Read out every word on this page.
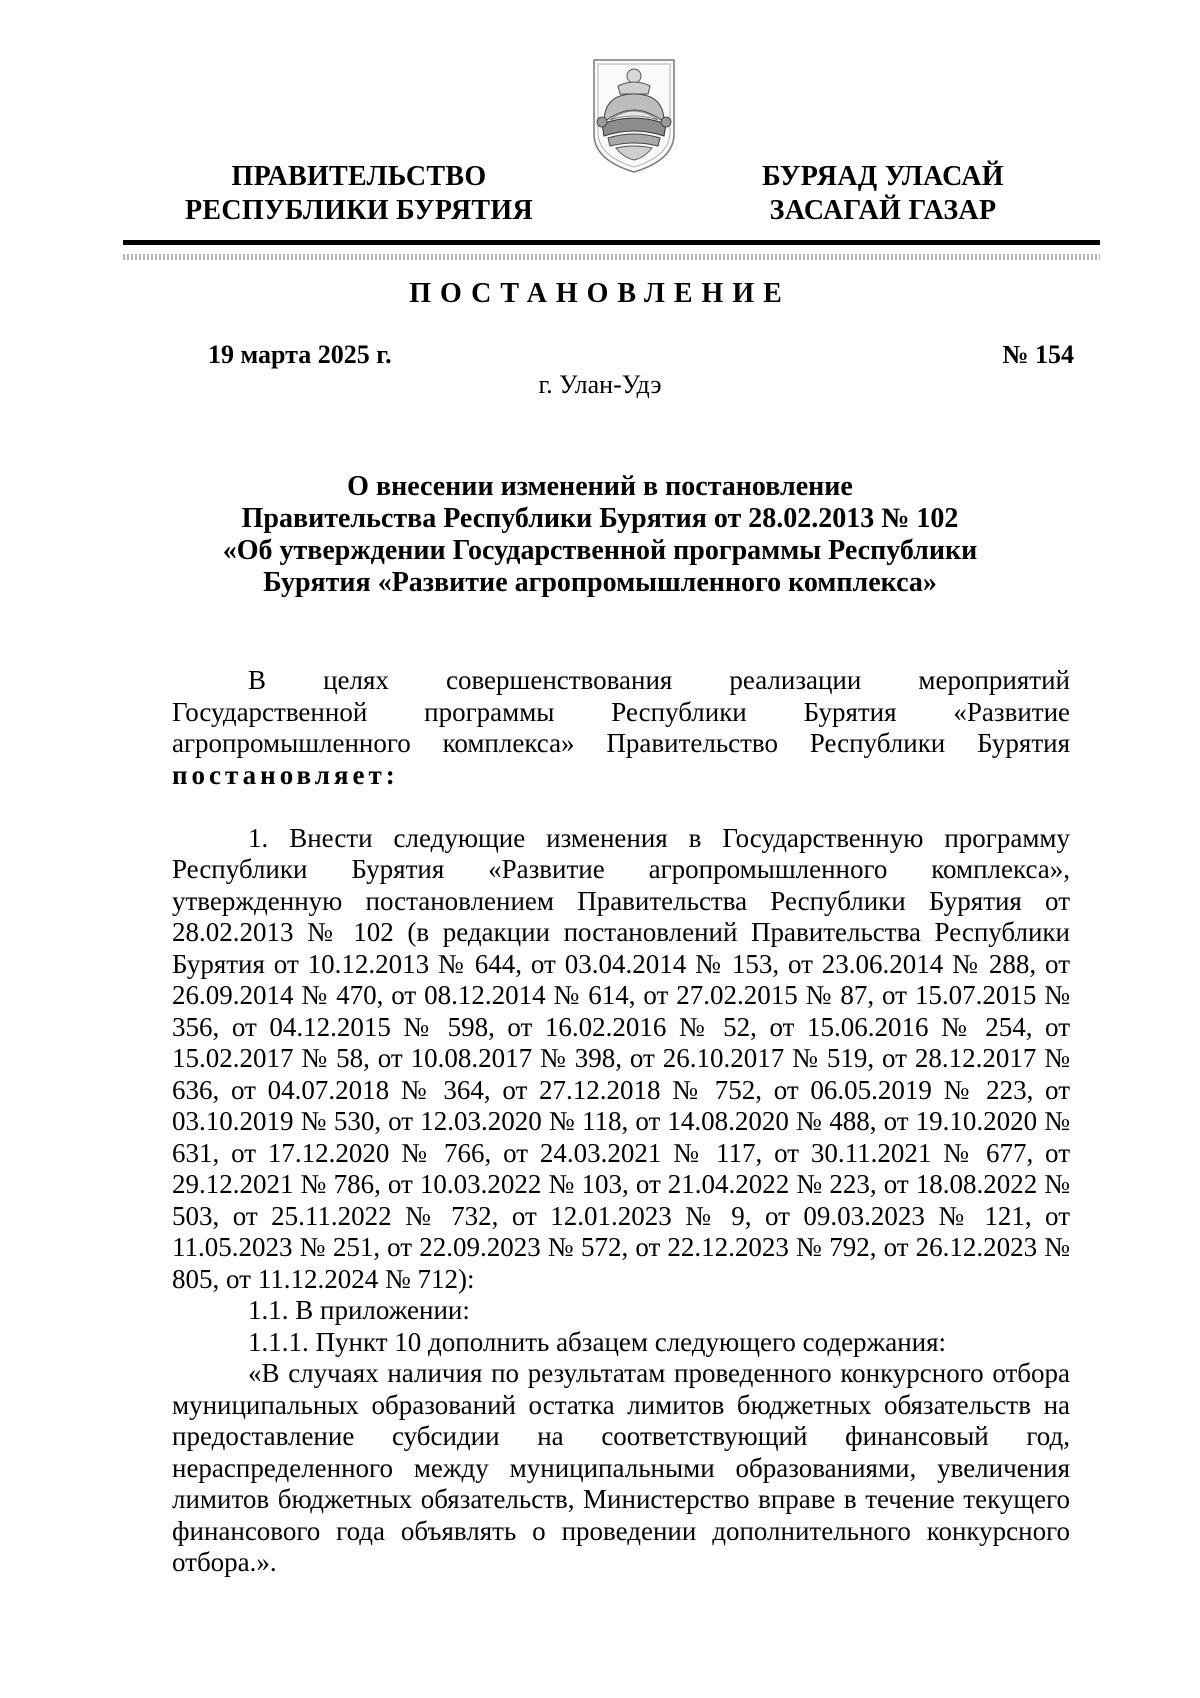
ПРАВИТЕЛЬСТВО
РЕСПУБЛИКИ БУРЯТИЯ
БУРЯАД УЛАСАЙ
ЗАСАГАЙ ГАЗАР
ПОСТАНОВЛЕНИЕ
19 марта 2025 г.	№ 154
г. Улан-Удэ
О внесении изменений в постановление
Правительства Республики Бурятия от 28.02.2013 № 102
«Об утверждении Государственной программы Республики
Бурятия «Развитие агропромышленного комплекса»

В целях совершенствования реализации мероприятий Государственной программы Республики Бурятия «Развитие агропромышленного комплекса» Правительство Республики Бурятия постановляет:

1. Внести следующие изменения в Государственную программу Республики Бурятия «Развитие агропромышленного комплекса», утвержденную постановлением Правительства Республики Бурятия от 28.02.2013 № 102 (в редакции постановлений Правительства Республики Бурятия от 10.12.2013 № 644, от 03.04.2014 № 153, от 23.06.2014 № 288, от 26.09.2014 № 470, от 08.12.2014 № 614, от 27.02.2015 № 87, от 15.07.2015 № 356, от 04.12.2015 № 598, от 16.02.2016 № 52, от 15.06.2016 № 254, от 15.02.2017 № 58, от 10.08.2017 № 398, от 26.10.2017 № 519, от 28.12.2017 № 636, от 04.07.2018 № 364, от 27.12.2018 № 752, от 06.05.2019 № 223, от 03.10.2019 № 530, от 12.03.2020 № 118, от 14.08.2020 № 488, от 19.10.2020 № 631, от 17.12.2020 № 766, от 24.03.2021 № 117, от 30.11.2021 № 677, от 29.12.2021 № 786, от 10.03.2022 № 103, от 21.04.2022 № 223, от 18.08.2022 № 503, от 25.11.2022 № 732, от 12.01.2023 № 9, от 09.03.2023 № 121, от 11.05.2023 № 251, от 22.09.2023 № 572, от 22.12.2023 № 792, от 26.12.2023 № 805, от 11.12.2024 № 712):

1.1. В приложении:

1.1.1. Пункт 10 дополнить абзацем следующего содержания:

«В случаях наличия по результатам проведенного конкурсного отбора муниципальных образований остатка лимитов бюджетных обязательств на предоставление субсидии на соответствующий финансовый год, нераспределенного между муниципальными образованиями, увеличения лимитов бюджетных обязательств, Министерство вправе в течение текущего финансового года объявлять о проведении дополнительного конкурсного отбора.».
